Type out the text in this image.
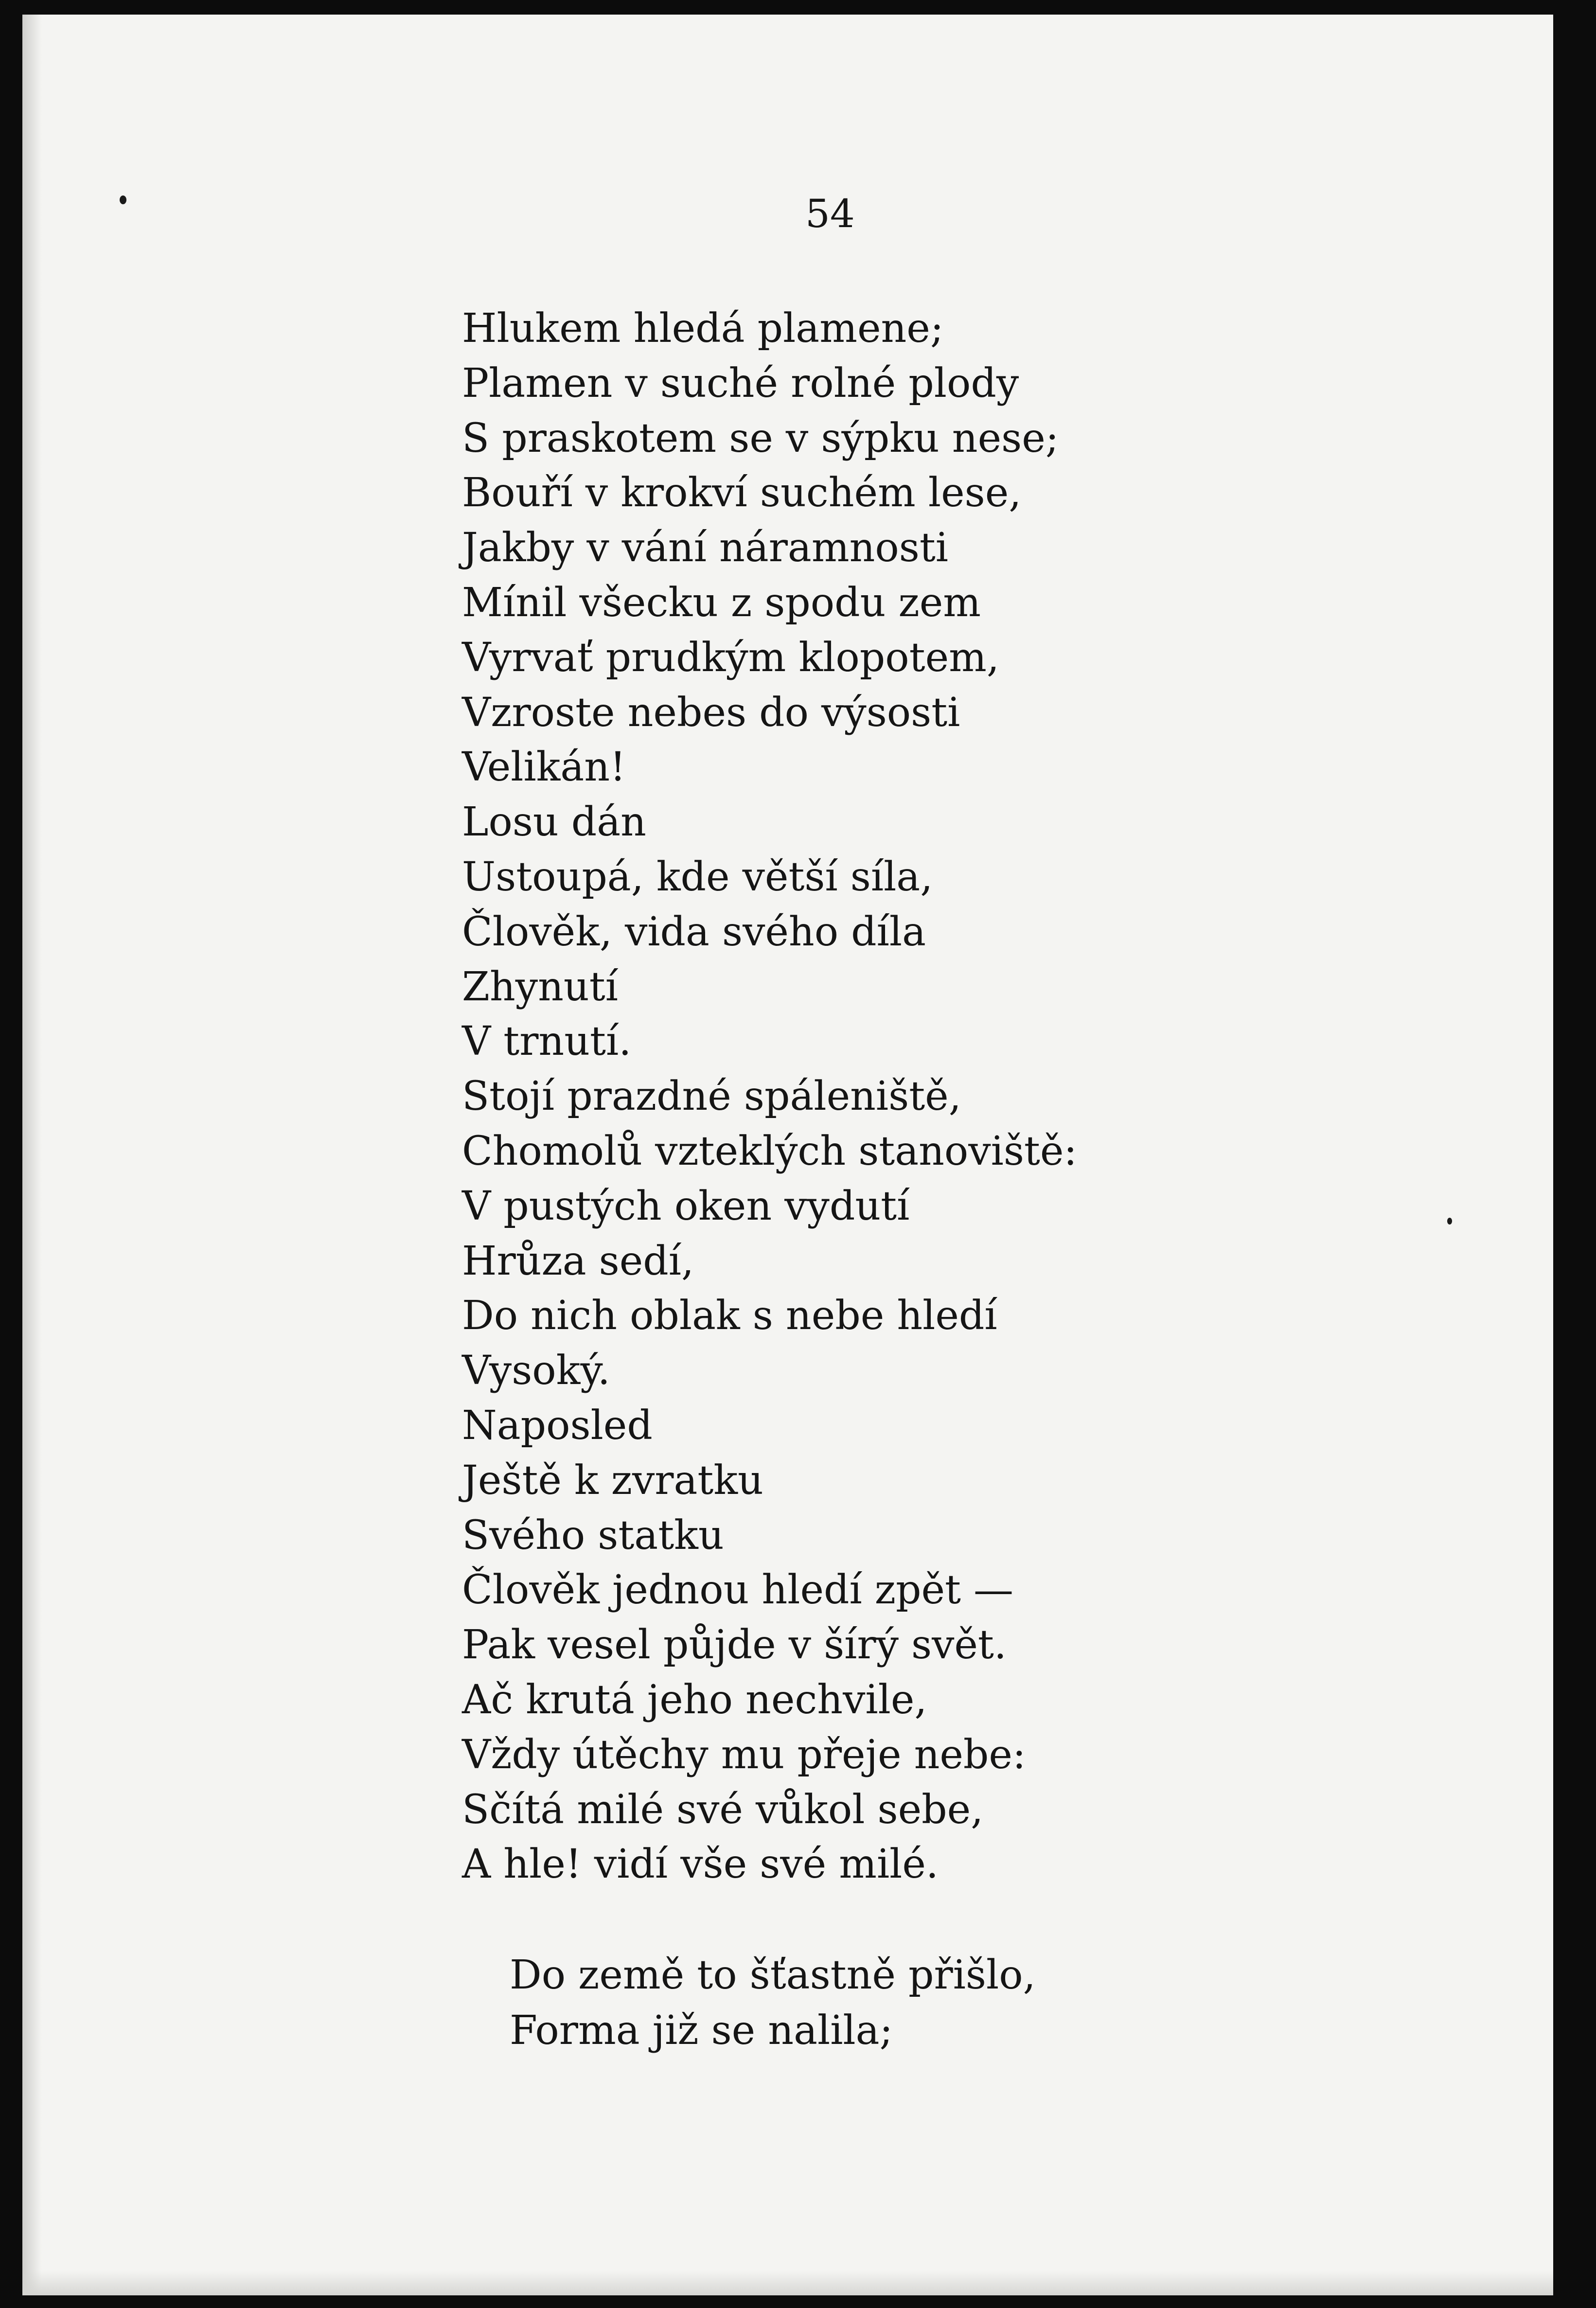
54
Hlukem hledá plamene;
Plamen v suché rolné plody
S praskotem se v sýpku nese;
Bouří v krokví suchém lese,
Jakby v vání náramnosti
Mínil všecku z spodu zem
Vyrvať prudkým klopotem,
Vzroste nebes do výsosti
Velikán!
Losu dán
Ustoupá, kde větší síla,
Člověk, vida svého díla
Zhynutí
V trnutí.
Stojí prazdné spáleniště,
Chomolů vzteklých stanoviště:
V pustých oken vydutí
Hrůza sedí,
Do nich oblak s nebe hledí
Vysoký.
Naposled
Ještě k zvratku
Svého statku
Člověk jednou hledí zpět —
Pak vesel půjde v šírý svět.
Ač krutá jeho nechvile,
Vždy útěchy mu přeje nebe:
Sčítá milé své vůkol sebe,
A hle! vidí vše své milé.
Do země to šťastně přišlo,
Forma již se nalila;
